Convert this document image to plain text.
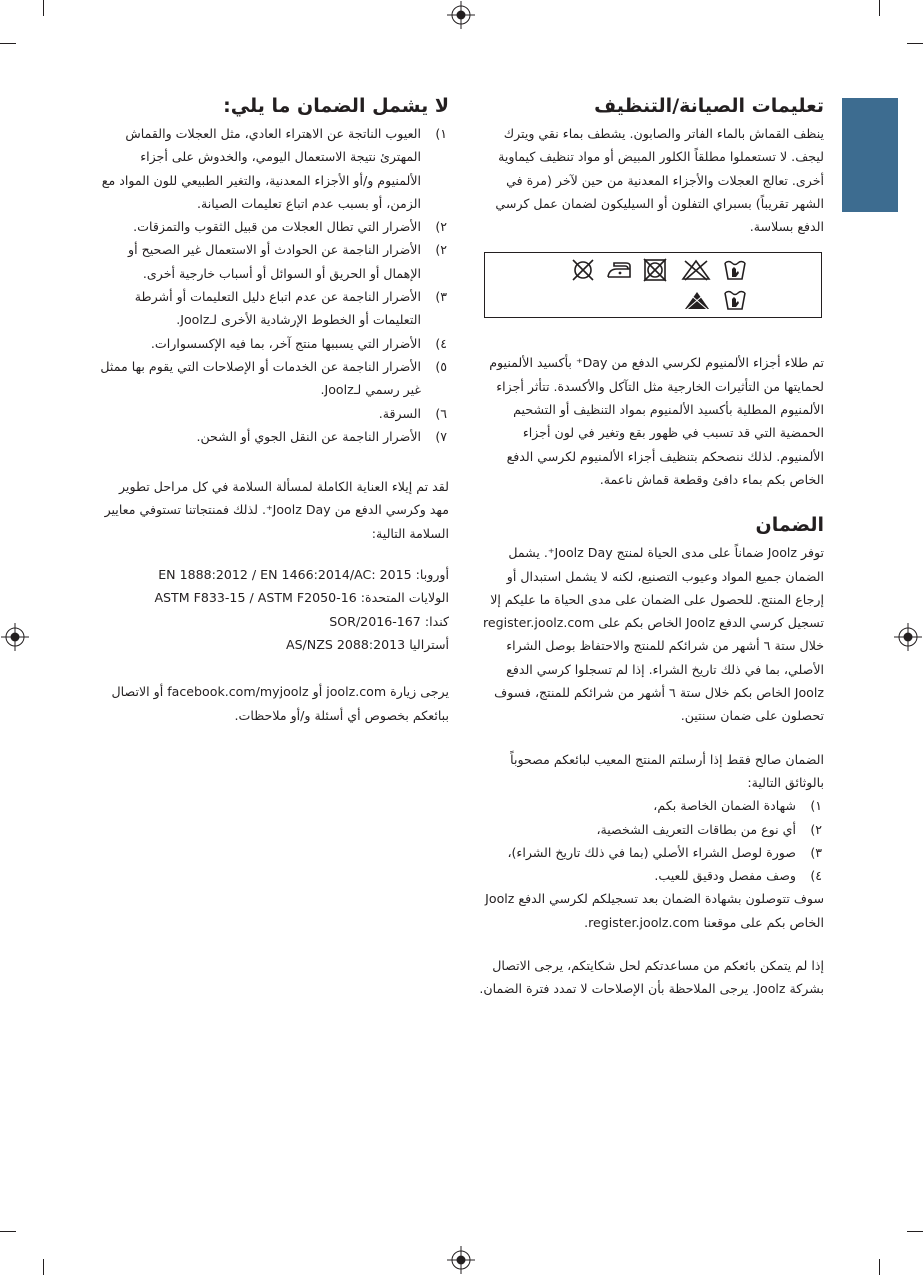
تعليمات الصيانة/التنظيف

ينظف القماش بالماء الفاتر والصابون. يشطف بماء نقي ويترك ليجف. لا تستعملوا مطلقاً الكلور المبيض أو مواد تنظيف كيماوية أخرى. تعالج العجلات والأجزاء المعدنية من حين لآخر (مرة في الشهر تقريباً) بسبراي التفلون أو السيليكون لضمان عمل كرسي الدفع بسلاسة.

تم طلاء أجزاء الألمنيوم لكرسي الدفع من Day⁺ بأكسيد الألمنيوم لحمايتها من التأثيرات الخارجية مثل التآكل والأكسدة. تتأثر أجزاء الألمنيوم المطلية بأكسيد الألمنيوم بمواد التنظيف أو التشحيم الحمضية التي قد تسبب في ظهور بقع وتغير في لون أجزاء الألمنيوم. لذلك ننصحكم بتنظيف أجزاء الألمنيوم لكرسي الدفع الخاص بكم بماء دافئ وقطعة قماش ناعمة.

الضمان

توفر Joolz ضماناً على مدى الحياة لمنتج Joolz Day⁺. يشمل الضمان جميع المواد وعيوب التصنيع، لكنه لا يشمل استبدال أو إرجاع المنتج. للحصول على الضمان على مدى الحياة ما عليكم إلا تسجيل كرسي الدفع Joolz الخاص بكم على register.joolz.com خلال ستة ٦ أشهر من شرائكم للمنتج والاحتفاظ بوصل الشراء الأصلي، بما في ذلك تاريخ الشراء. إذا لم تسجلوا كرسي الدفع Joolz الخاص بكم خلال ستة ٦ أشهر من شرائكم للمنتج، فسوف تحصلون على ضمان سنتين.

الضمان صالح فقط إذا أرسلتم المنتج المعيب لبائعكم مصحوباً بالوثائق التالية:

١)
شهادة الضمان الخاصة بكم،
٢)
أي نوع من بطاقات التعريف الشخصية،
٣)
صورة لوصل الشراء الأصلي (بما في ذلك تاريخ الشراء)،
٤)
وصف مفصل ودقيق للعيب.

سوف تتوصلون بشهادة الضمان بعد تسجيلكم لكرسي الدفع Joolz الخاص بكم على موقعنا register.joolz.com.

إذا لم يتمكن بائعكم من مساعدتكم لحل شكايتكم، يرجى الاتصال بشركة Joolz. يرجى الملاحظة بأن الإصلاحات لا تمدد فترة الضمان.

لا يشمل الضمان ما يلي:
١)
العيوب الناتجة عن الاهتراء العادي، مثل العجلات والقماش المهترئ نتيجة الاستعمال اليومي، والخدوش على أجزاء الألمنيوم و/أو الأجزاء المعدنية، والتغير الطبيعي للون المواد مع الزمن، أو بسبب عدم اتباع تعليمات الصيانة.
٢)
الأضرار التي تطال العجلات من قبيل الثقوب والتمزقات.
٢)
الأضرار الناجمة عن الحوادث أو الاستعمال غير الصحيح أو الإهمال أو الحريق أو السوائل أو أسباب خارجية أخرى.
٣)
الأضرار الناجمة عن عدم اتباع دليل التعليمات أو أشرطة التعليمات أو الخطوط الإرشادية الأخرى لـJoolz.
٤)
الأضرار التي يسببها منتج آخر، بما فيه الإكسسوارات.
٥)
الأضرار الناجمة عن الخدمات أو الإصلاحات التي يقوم بها ممثل غير رسمي لـJoolz.
٦)
السرقة.
٧)
الأضرار الناجمة عن النقل الجوي أو الشحن.

لقد تم إيلاء العناية الكاملة لمسألة السلامة في كل مراحل تطوير مهد وكرسي الدفع من Joolz Day⁺. لذلك فمنتجاتنا تستوفي معايير السلامة التالية:

أوروبا: EN 1888:2012 / EN 1466:2014/AC: 2015
الولايات المتحدة: ASTM F833-15 / ASTM F2050-16
كندا: SOR/2016-167
أستراليا AS/NZS 2088:2013

يرجى زيارة joolz.com أو facebook.com/myjoolz أو الاتصال ببائعكم بخصوص أي أسئلة و/أو ملاحظات.
